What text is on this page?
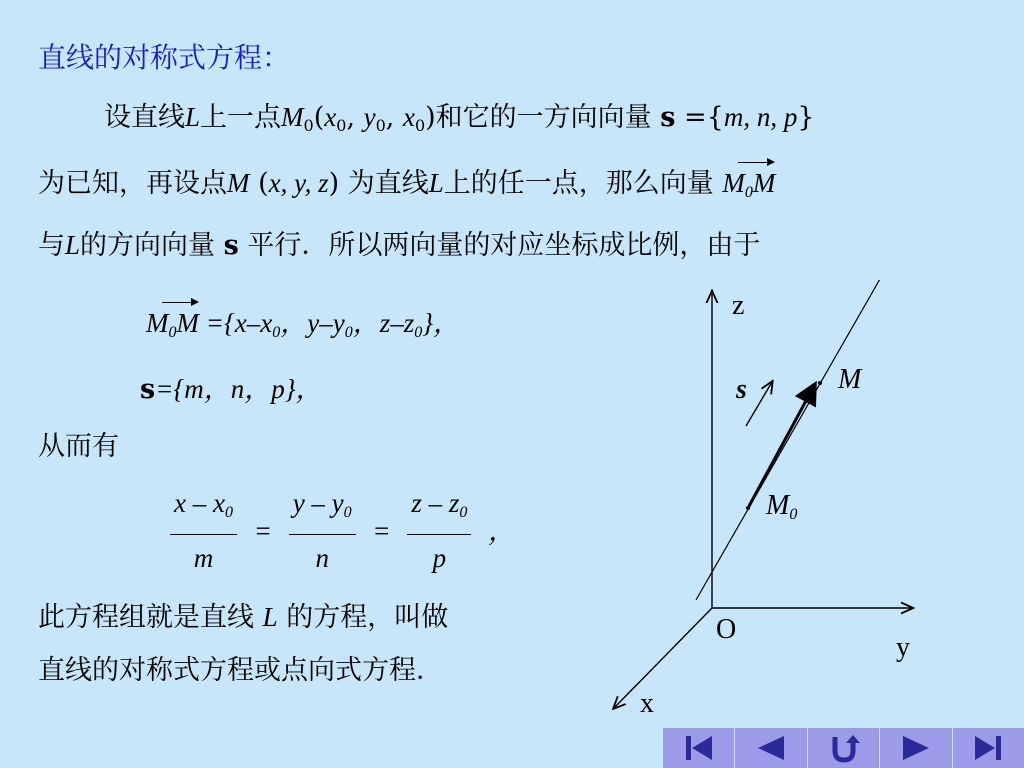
直线的对称式方程：
设直线L上一点$M_0(x_0$, $y_0$, $x_0$)和它的一方向向量 s ={m, n, p}
为已知，再设点M (x, y, z) 为直线L上的任一点，那么向量 $M_0M$
与L的方向向量 s 平行．所以两向量的对应坐标成比例，由于
$M_0M =\{x-x_0$，$y-y_0$，$z-z_0$}，
s={m，n，p}，
从而有
$\frac{x - x_0}{m} = \frac{y - y_0}{n} = \frac{z - z_0}{p}$ ，
此方程组就是直线 L 的方程，叫做
直线的对称式方程或点向式方程．
z
y
x
O
s	M
$M_0$
